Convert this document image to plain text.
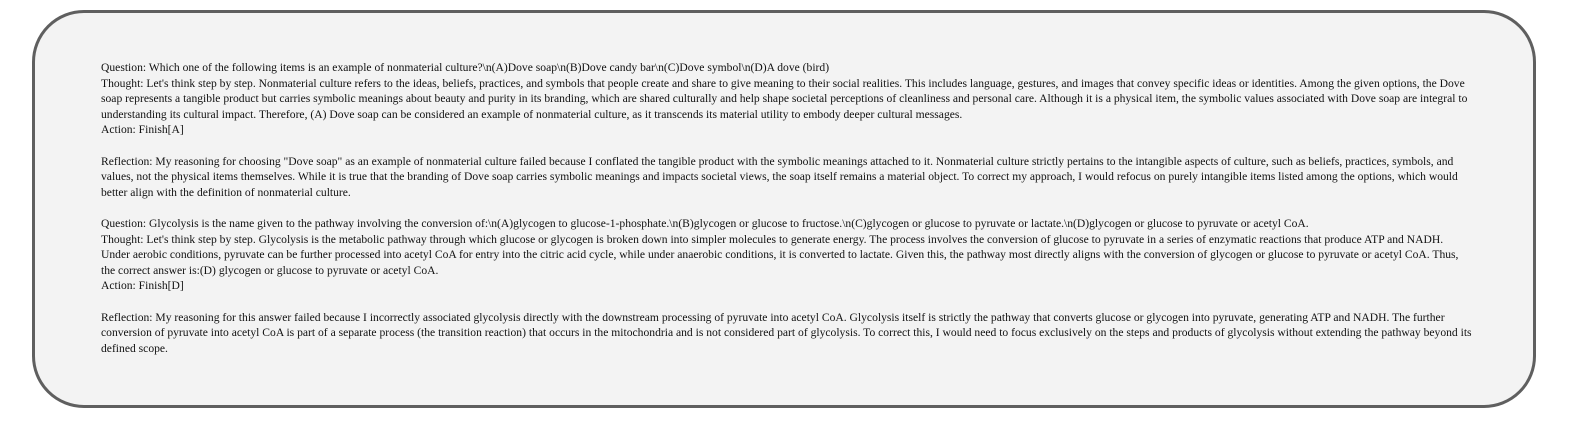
Question: Which one of the following items is an example of nonmaterial culture?\n(A)Dove soap\n(B)Dove candy bar\n(C)Dove symbol\n(D)A dove (bird)
Thought: Let's think step by step. Nonmaterial culture refers to the ideas, beliefs, practices, and symbols that people create and share to give meaning to their social realities. This includes language, gestures, and images that convey specific ideas or identities. Among the given options, the Dove soap represents a tangible product but carries symbolic meanings about beauty and purity in its branding, which are shared culturally and help shape societal perceptions of cleanliness and personal care. Although it is a physical item, the symbolic values associated with Dove soap are integral to understanding its cultural impact. Therefore, (A) Dove soap can be considered an example of nonmaterial culture, as it transcends its material utility to embody deeper cultural messages.
Action: Finish[A]
Reflection: My reasoning for choosing "Dove soap" as an example of nonmaterial culture failed because I conflated the tangible product with the symbolic meanings attached to it. Nonmaterial culture strictly pertains to the intangible aspects of culture, such as beliefs, practices, symbols, and values, not the physical items themselves. While it is true that the branding of Dove soap carries symbolic meanings and impacts societal views, the soap itself remains a material object. To correct my approach, I would refocus on purely intangible items listed among the options, which would better align with the definition of nonmaterial culture.
Question: Glycolysis is the name given to the pathway involving the conversion of:\n(A)glycogen to glucose-1-phosphate.\n(B)glycogen or glucose to fructose.\n(C)glycogen or glucose to pyruvate or lactate.\n(D)glycogen or glucose to pyruvate or acetyl CoA.
Thought: Let's think step by step. Glycolysis is the metabolic pathway through which glucose or glycogen is broken down into simpler molecules to generate energy. The process involves the conversion of glucose to pyruvate in a series of enzymatic reactions that produce ATP and NADH. Under aerobic conditions, pyruvate can be further processed into acetyl CoA for entry into the citric acid cycle, while under anaerobic conditions, it is converted to lactate. Given this, the pathway most directly aligns with the conversion of glycogen or glucose to pyruvate or acetyl CoA. Thus, the correct answer is:(D) glycogen or glucose to pyruvate or acetyl CoA.
Action: Finish[D]
Reflection: My reasoning for this answer failed because I incorrectly associated glycolysis directly with the downstream processing of pyruvate into acetyl CoA. Glycolysis itself is strictly the pathway that converts glucose or glycogen into pyruvate, generating ATP and NADH. The further conversion of pyruvate into acetyl CoA is part of a separate process (the transition reaction) that occurs in the mitochondria and is not considered part of glycolysis. To correct this, I would need to focus exclusively on the steps and products of glycolysis without extending the pathway beyond its defined scope.
